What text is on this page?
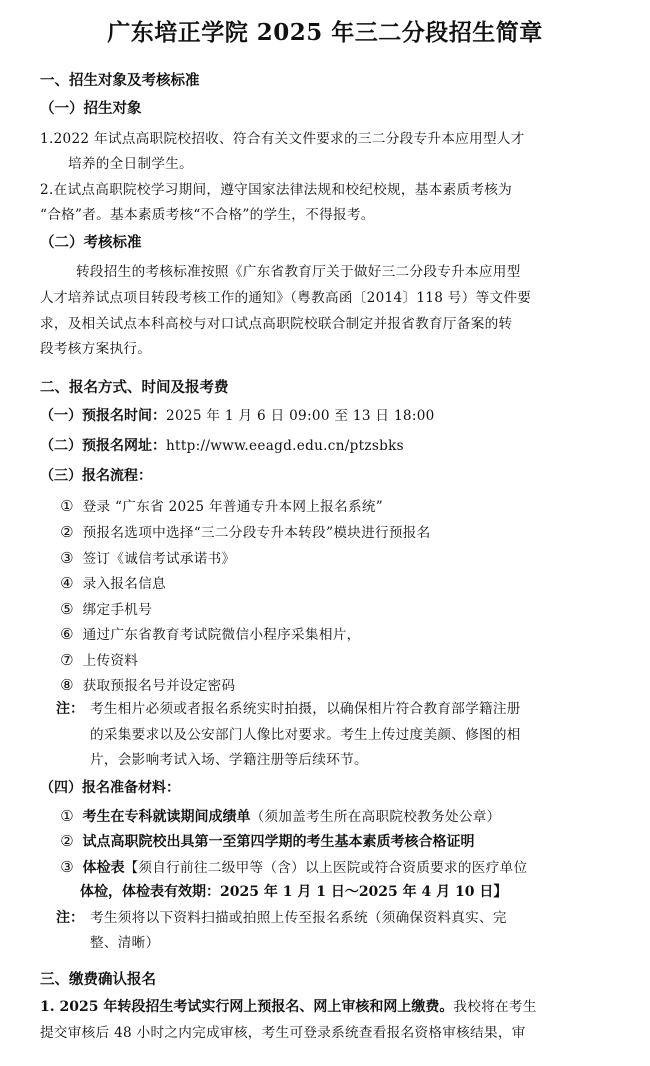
广东培正学院 2025 年三二分段招生简章
一、招生对象及考核标准
（一）招生对象
1.2022 年试点高职院校招收、符合有关文件要求的三二分段专升本应用型人才
培养的全日制学生。
2.在试点高职院校学习期间，遵守国家法律法规和校纪校规，基本素质考核为
“合格”者。基本素质考核“不合格”的学生，不得报考。
（二）考核标准
转段招生的考核标准按照《广东省教育厅关于做好三二分段专升本应用型
人才培养试点项目转段考核工作的通知》（粤教高函〔2014〕118 号）等文件要
求，及相关试点本科高校与对口试点高职院校联合制定并报省教育厅备案的转
段考核方案执行。
二、报名方式、时间及报考费
（一）预报名时间：2025 年 1 月 6 日 09:00 至 13 日 18:00
（二）预报名网址：http://www.eeagd.edu.cn/ptzsbks
（三）报名流程：
① 登录 “广东省 2025 年普通专升本网上报名系统”
② 预报名选项中选择“三二分段专升本转段”模块进行预报名
③ 签订《诚信考试承诺书》
④ 录入报名信息
⑤ 绑定手机号
⑥ 通过广东省教育考试院微信小程序采集相片，
⑦ 上传资料
⑧ 获取预报名号并设定密码
注： 考生相片必须或者报名系统实时拍摄，以确保相片符合教育部学籍注册
的采集要求以及公安部门人像比对要求。考生上传过度美颜、修图的相
片，会影响考试入场、学籍注册等后续环节。
（四）报名准备材料：
① 考生在专科就读期间成绩单（须加盖考生所在高职院校教务处公章）
② 试点高职院校出具第一至第四学期的考生基本素质考核合格证明
③ 体检表【须自行前往二级甲等（含）以上医院或符合资质要求的医疗单位
体检，体检表有效期：2025 年 1 月 1 日～2025 年 4 月 10 日】
注： 考生须将以下资料扫描或拍照上传至报名系统（须确保资料真实、完
整、清晰）
三、缴费确认报名
1. 2025 年转段招生考试实行网上预报名、网上审核和网上缴费。我校将在考生
提交审核后 48 小时之内完成审核，考生可登录系统查看报名资格审核结果，审
